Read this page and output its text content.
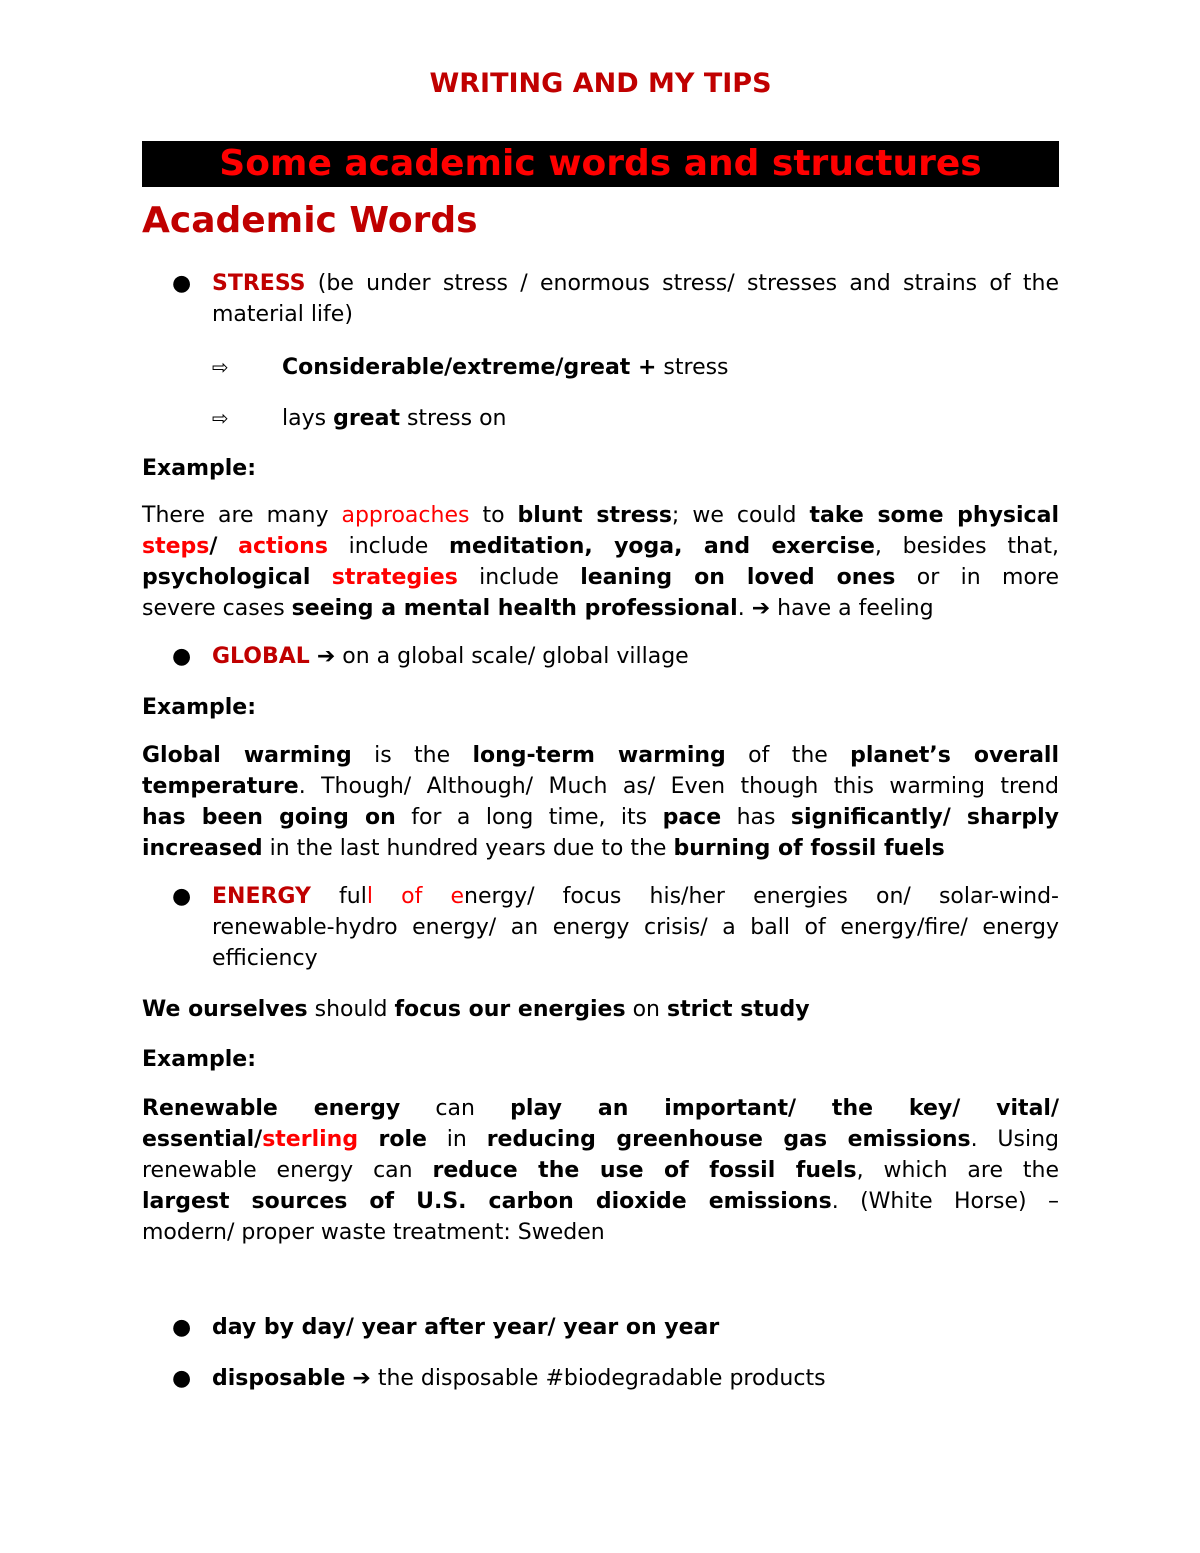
WRITING AND MY TIPS
Some academic words and structures
Academic Words
● STRESS (be under stress / enormous stress/ stresses and strains of the
material life)
⇨ Considerable/extreme/great + stress
⇨ lays great stress on
Example:
There are many approaches to blunt stress; we could take some physical
steps/ actions include meditation, yoga, and exercise, besides that,
psychological strategies include leaning on loved ones or in more
severe cases seeing a mental health professional. ➔ have a feeling
● GLOBAL ➔ on a global scale/ global village
Example:
Global warming is the long-term warming of the planet’s overall
temperature. Though/ Although/ Much as/ Even though this warming trend
has been going on for a long time, its pace has significantly/ sharply
increased in the last hundred years due to the burning of fossil fuels
● ENERGY full of energy/ focus his/her energies on/ solar-wind-
renewable-hydro energy/ an energy crisis/ a ball of energy/fire/ energy
efficiency
We ourselves should focus our energies on strict study
Example:
Renewable energy can play an important/ the key/ vital/
essential/sterling role in reducing greenhouse gas emissions. Using
renewable energy can reduce the use of fossil fuels, which are the
largest sources of U.S. carbon dioxide emissions. (White Horse) –
modern/ proper waste treatment: Sweden
● day by day/ year after year/ year on year
● disposable ➔ the disposable #biodegradable products
